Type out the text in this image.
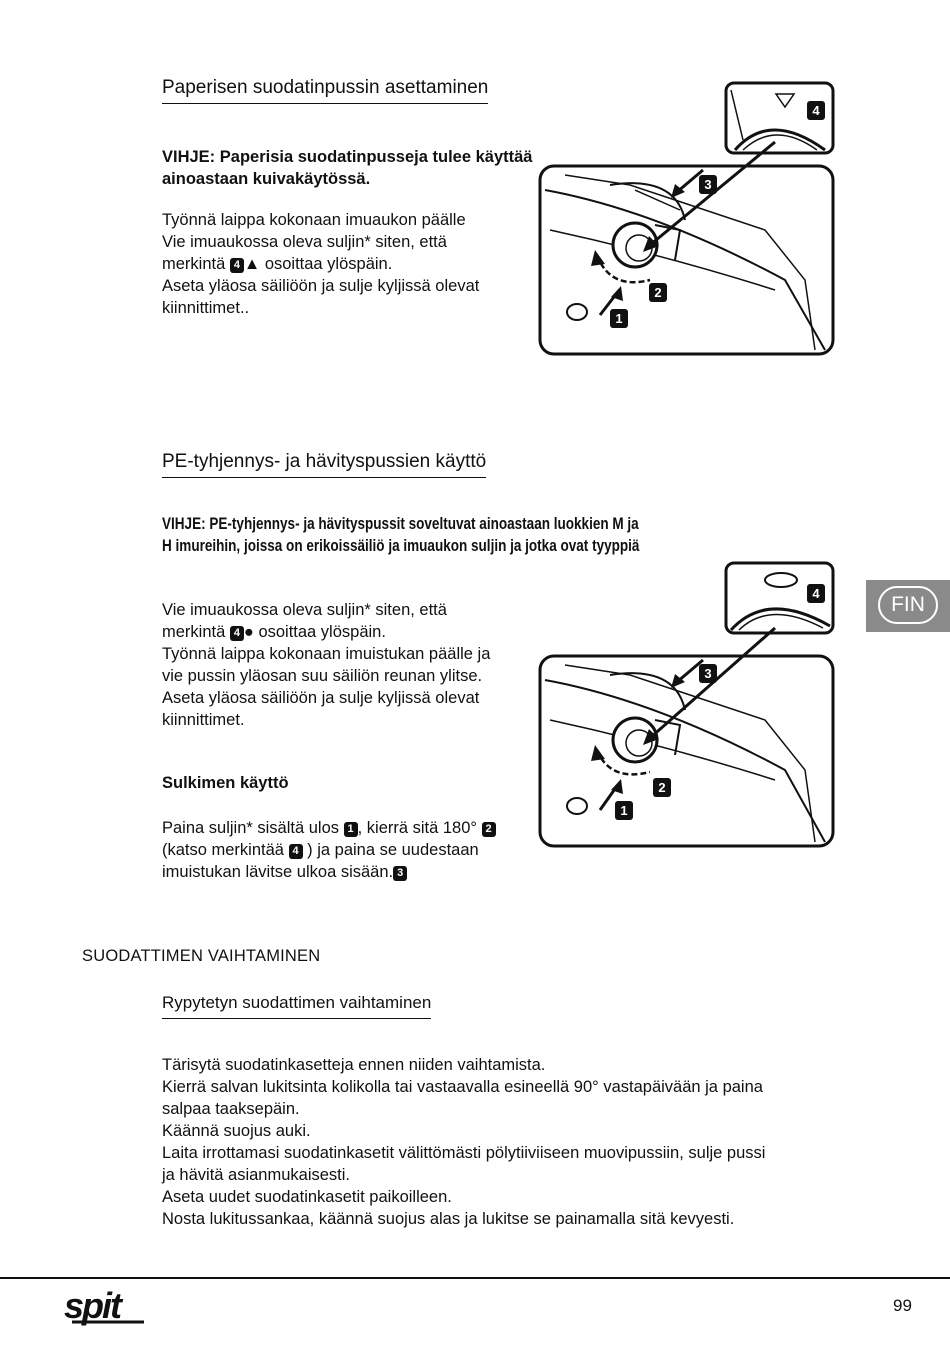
Paperisen suodatinpussin asettaminen
VIHJE: Paperisia suodatinpusseja tulee käyttää
ainoastaan kuivakäytössä.

Työnnä laippa kokonaan imuaukon päälle

Vie imuaukossa oleva suljin* siten, että

merkintä 4 ▲ osoittaa ylöspäin.

Aseta yläosa säiliöön ja sulje kyljissä olevat

kiinnittimet..

4
3
2
1
PE-tyhjennys- ja hävityspussien käyttö
VIHJE: PE-tyhjennys- ja hävityspussit soveltuvat ainoastaan luokkien M ja
H imureihin, joissa on erikoissäiliö ja imuaukon suljin ja jotka ovat tyyppiä

Vie imuaukossa oleva suljin* siten, että

merkintä 4 ● osoittaa ylöspäin.

Työnnä laippa kokonaan imuistukan päälle ja

vie pussin yläosan suu säiliön reunan ylitse.

Aseta yläosa säiliöön ja sulje kyljissä olevat

kiinnittimet.

4
3
2
1
Sulkimen käyttö

Paina suljin* sisältä ulos 1 , kierrä sitä 180° 2

(katso merkintää 4 ) ja paina se uudestaan

imuistukan lävitse ulkoa sisään. 3

SUODATTIMEN VAIHTAMINEN
Rypytetyn suodattimen vaihtaminen

Tärisytä suodatinkasetteja ennen niiden vaihtamista.

Kierrä salvan lukitsinta kolikolla tai vastaavalla esineellä 90° vastapäivään ja paina

salpaa taaksepäin.

Käännä suojus auki.

Laita irrottamasi suodatinkasetit välittömästi pölytiiviiseen muovipussiin, sulje pussi

ja hävitä asianmukaisesti.

Aseta uudet suodatinkasetit paikoilleen.

Nosta lukitussankaa, käännä suojus alas ja lukitse se painamalla sitä kevyesti.

FIN
spit	99
